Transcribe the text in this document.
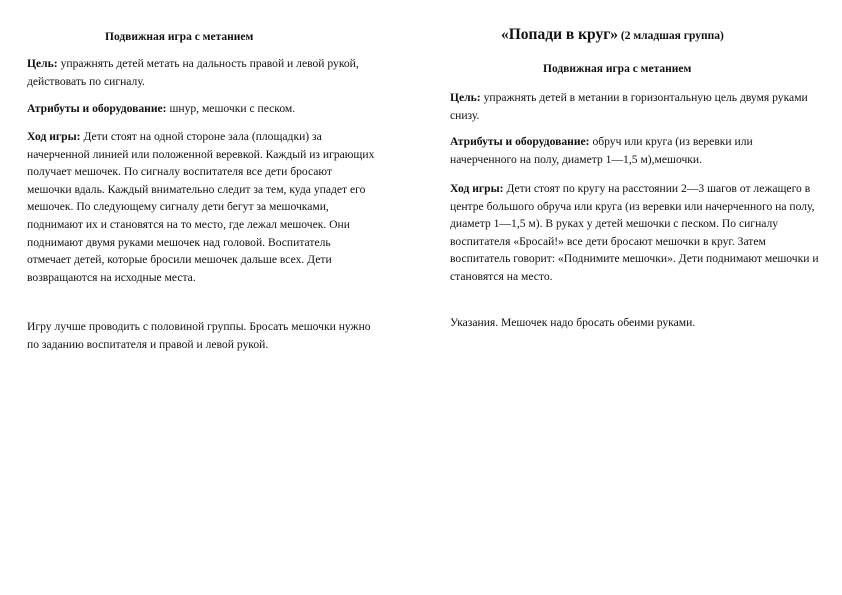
Подвижная игра с метанием
Цель: упражнять детей метать на дальность правой и левой рукой, действовать по сигналу.
Атрибуты и оборудование: шнур, мешочки с песком.
Ход игры: Дети стоят на одной стороне зала (площадки) за начерченной линией или положенной веревкой. Каждый из играющих получает мешочек. По сигналу воспитателя все дети бросают мешочки вдаль. Каждый внимательно следит за тем, куда упадет его мешочек. По следующему сигналу дети бегут за мешочками, поднимают их и становятся на то место, где лежал мешочек. Они поднимают двумя руками мешочек над головой. Воспитатель отмечает детей, которые бросили мешочек дальше всех. Дети возвращаются на исходные места.
Игру лучше проводить с половиной группы. Бросать мешочки нужно по заданию воспитателя и правой и левой рукой.
«Попади в круг» (2 младшая группа)
Подвижная игра с метанием
Цель: упражнять детей в метании в горизонтальную цель двумя руками снизу.
Атрибуты и оборудование: обруч или круга (из веревки или начерченного на полу, диаметр 1—1,5 м),мешочки.
Ход игры: Дети стоят по кругу на расстоянии 2—3 шагов от лежащего в центре большого обруча или круга (из веревки или начерченного на полу, диаметр 1—1,5 м). В руках у детей мешочки с песком. По сигналу воспитателя «Бросай!» все дети бросают мешочки в круг. Затем воспитатель говорит: «Поднимите мешочки». Дети поднимают мешочки и становятся на место.
Указания. Мешочек надо бросать обеими руками.
